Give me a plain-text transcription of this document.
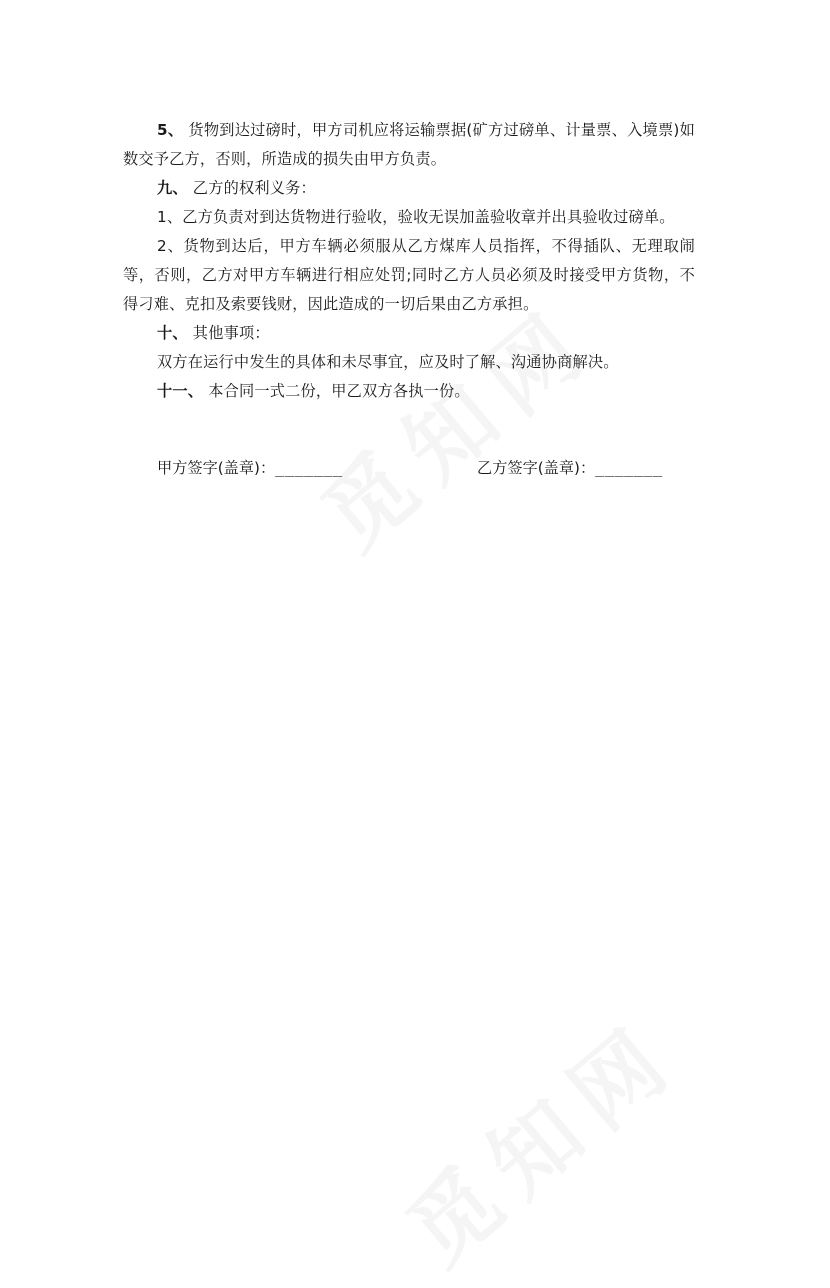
5、 货物到达过磅时，甲方司机应将运输票据(矿方过磅单、计量票、入境票)如数交予乙方，否则，所造成的损失由甲方负责。

九、 乙方的权利义务：

1、乙方负责对到达货物进行验收，验收无误加盖验收章并出具验收过磅单。

2、货物到达后，甲方车辆必须服从乙方煤库人员指挥，不得插队、无理取闹等，否则，乙方对甲方车辆进行相应处罚;同时乙方人员必须及时接受甲方货物，不得刁难、克扣及索要钱财，因此造成的一切后果由乙方承担。

十、 其他事项：

双方在运行中发生的具体和未尽事宜，应及时了解、沟通协商解决。

十一、 本合同一式二份，甲乙双方各执一份。

甲方签字(盖章)：_______	乙方签字(盖章)：_______
